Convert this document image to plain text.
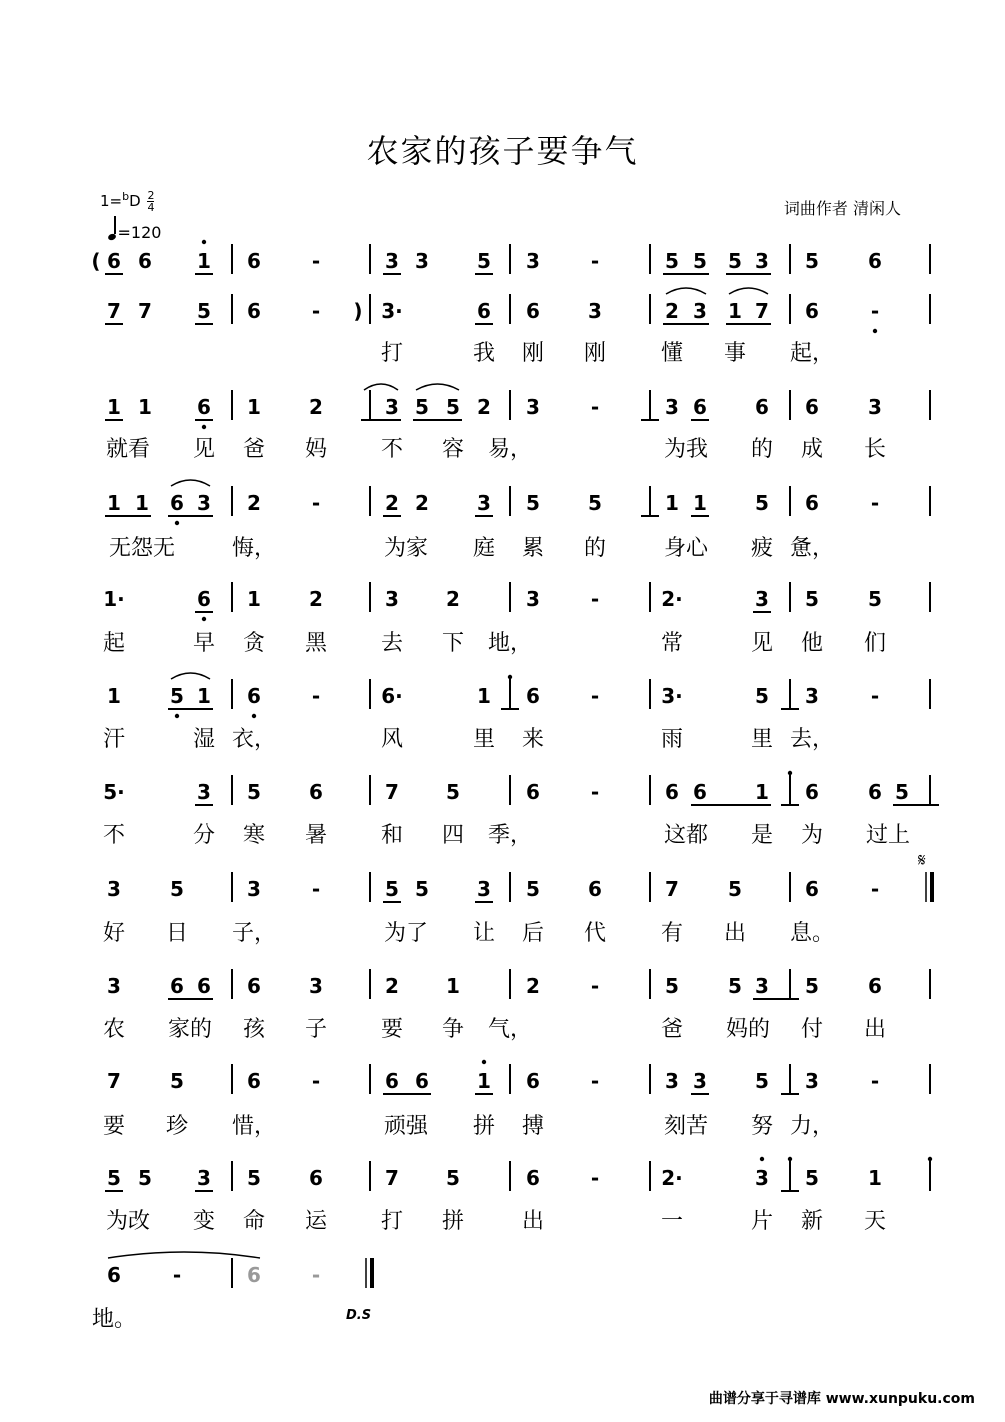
农家的孩子要争气
$1=^bD \frac{2}{4}$
=120
词曲作者 清闲人
( 6 6 1 6	-	3 3 5 3	-	5 5 5 3 5 6
7 7 5 6	- ) 3·	6 6 3	2 3 1 7 6	-
打	我 刚 刚 懂 事 起，
1 1 6 1 2	3 5 5 2 3	-	3 6 6 6 3
就看 见 爸 妈 不 容 易，	为我 的 成 长
1 1 6 3 2	-	2 2 3 5 5	1 1 5 6	-
无怨无	悔，	为家 庭 累 的	身心 疲 惫，
1·	6 1 2	3 2	3	-	2·	3 5 5
起	早 贪 黑 去 下 地，	常	见 他 们
1 5 1 6	-	6·	1 6	-	3·	5 3	-
汗	湿 衣，	风	里 来	雨	里 去，
5·	3 5 6	7 5	6	-	6 6 1 6 6 5
不	分 寒 暑 和 四 季，	这都 是 为 过上
3 5	3	-	5 5 3 5 6	7 5	6	-
好 日 子，	为了 让 后 代 有 出 息。
3 6 6 6 3	2 1	2	-	5 5 3 5 6
农 家的 孩 子 要 争 气，	爸 妈的 付 出
7 5	6	-	6 6 1 6	-	3 3 5 3	-
要 珍 惜，	顽强 拼 搏	刻苦 努 力，
5 5 3 5 6	7 5	6	-	2·	3 5 1
为改 变 命 运 打 拼	出	一	片 新 天
6	-	6	-
地。
𝄋
D.S
曲谱分享于寻谱库 www.xunpuku.com
